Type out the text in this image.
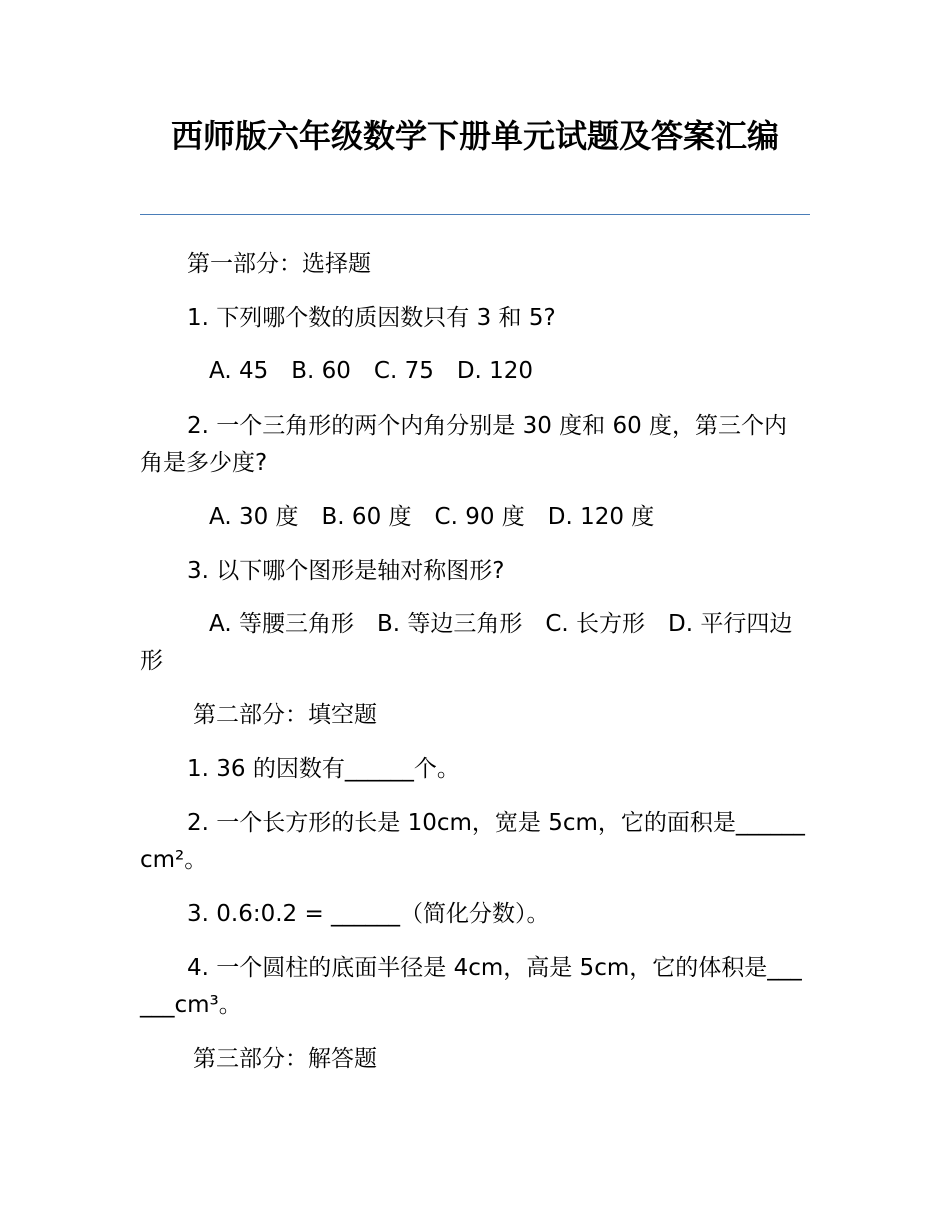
西师版六年级数学下册单元试题及答案汇编

第一部分：选择题

1. 下列哪个数的质因数只有 3 和 5?

A. 45　B. 60　C. 75　D. 120

2. 一个三角形的两个内角分别是 30 度和 60 度，第三个内角是多少度?

A. 30 度　B. 60 度　C. 90 度　D. 120 度

3. 以下哪个图形是轴对称图形?

A. 等腰三角形　B. 等边三角形　C. 长方形　D. 平行四边形

第二部分：填空题

1. 36 的因数有______个。

2. 一个长方形的长是 10cm，宽是 5cm，它的面积是______cm²。

3. 0.6:0.2 = ______（简化分数）。

4. 一个圆柱的底面半径是 4cm，高是 5cm，它的体积是______cm³。

第三部分：解答题
